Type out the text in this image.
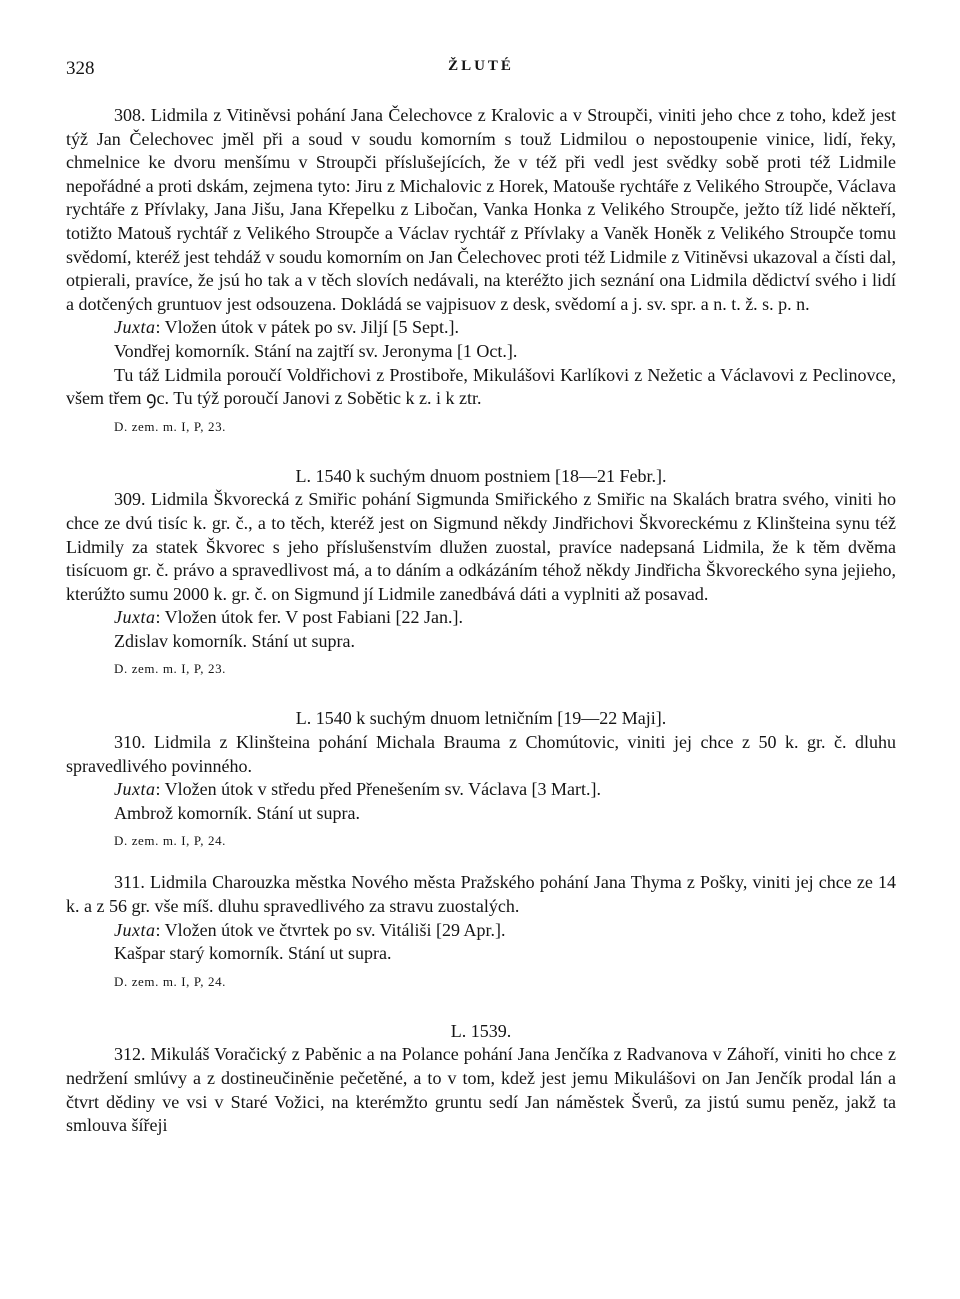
328	ŽLUTÉ

308. Lidmila z Vitiněvsi pohání Jana Čelechovce z Kralovic a v Stroupči, viniti jeho chce z toho, kdež jest týž Jan Čelechovec jměl při a soud v soudu komorním s touž Lidmilou o nepostoupenie vinice, lidí, řeky, chmelnice ke dvoru menšímu v Stroupči příslušejících, že v též při vedl jest svědky sobě proti též Lidmile nepořádné a proti dskám, zejmena tyto: Jiru z Michalovic z Horek, Matouše rychtáře z Velikého Stroupče, Václava rychtáře z Přívlaky, Jana Jišu, Jana Křepelku z Libočan, Vanka Honka z Velikého Stroupče, ježto tíž lidé někteří, totižto Matouš rychtář z Velikého Stroupče a Václav rychtář z Přívlaky a Vaněk Honěk z Velikého Stroupče tomu svědomí, kteréž jest tehdáž v soudu komorním on Jan Čelechovec proti též Lidmile z Vitiněvsi ukazoval a čísti dal, otpierali, pravíce, že jsú ho tak a v těch slovích nedávali, na kteréžto jich seznání ona Lidmila dědictví svého i lidí a dotčených gruntuov jest odsouzena. Dokládá se vajpisuov z desk, svědomí a j. sv. spr. a n. t. ž. s. p. n.

Juxta: Vložen útok v pátek po sv. Jiljí [5 Sept.].

Vondřej komorník. Stání na zajtří sv. Jeronyma [1 Oct.].

Tu táž Lidmila poroučí Voldřichovi z Prostiboře, Mikulášovi Karlíkovi z Nežetic a Václavovi z Peclinovce, všem třem ꝯc. Tu týž poroučí Janovi z Sobětic k z. i k ztr.

D. zem. m. I, P, 23.
L. 1540 k suchým dnuom postniem [18—21 Febr.].

309. Lidmila Škvorecká z Smiřic pohání Sigmunda Smiřického z Smiřic na Skalách bratra svého, viniti ho chce ze dvú tisíc k. gr. č., a to těch, kteréž jest on Sigmund někdy Jindřichovi Škvoreckému z Klinšteina synu též Lidmily za statek Škvorec s jeho příslušenstvím dlužen zuostal, pravíce nadepsaná Lidmila, že k těm dvěma tisícuom gr. č. právo a spravedlivost má, a to dáním a odkázáním téhož někdy Jindřicha Škvoreckého syna jejieho, kterúžto sumu 2000 k. gr. č. on Sigmund jí Lidmile zanedbává dáti a vyplniti až posavad.

Juxta: Vložen útok fer. V post Fabiani [22 Jan.].

Zdislav komorník. Stání ut supra.

D. zem. m. I, P, 23.
L. 1540 k suchým dnuom letničním [19—22 Maji].

310. Lidmila z Klinšteina pohání Michala Brauma z Chomútovic, viniti jej chce z 50 k. gr. č. dluhu spravedlivého povinného.

Juxta: Vložen útok v středu před Přenešením sv. Václava [3 Mart.].

Ambrož komorník. Stání ut supra.

D. zem. m. I, P, 24.

311. Lidmila Charouzka městka Nového města Pražského pohání Jana Thyma z Pošky, viniti jej chce ze 14 k. a z 56 gr. vše míš. dluhu spravedlivého za stravu zuostalých.

Juxta: Vložen útok ve čtvrtek po sv. Vitáliši [29 Apr.].

Kašpar starý komorník. Stání ut supra.

D. zem. m. I, P, 24.
L. 1539.

312. Mikuláš Voračický z Paběnic a na Polance pohání Jana Jenčíka z Radvanova v Záhoří, viniti ho chce z nedržení smlúvy a z dostineučiněnie pečetěné, a to v tom, kdež jest jemu Mikulášovi on Jan Jenčík prodal lán a čtvrt dědiny ve vsi v Staré Vožici, na kterémžto gruntu sedí Jan náměstek Šverů, za jistú sumu peněz, jakž ta smlouva šířeji
